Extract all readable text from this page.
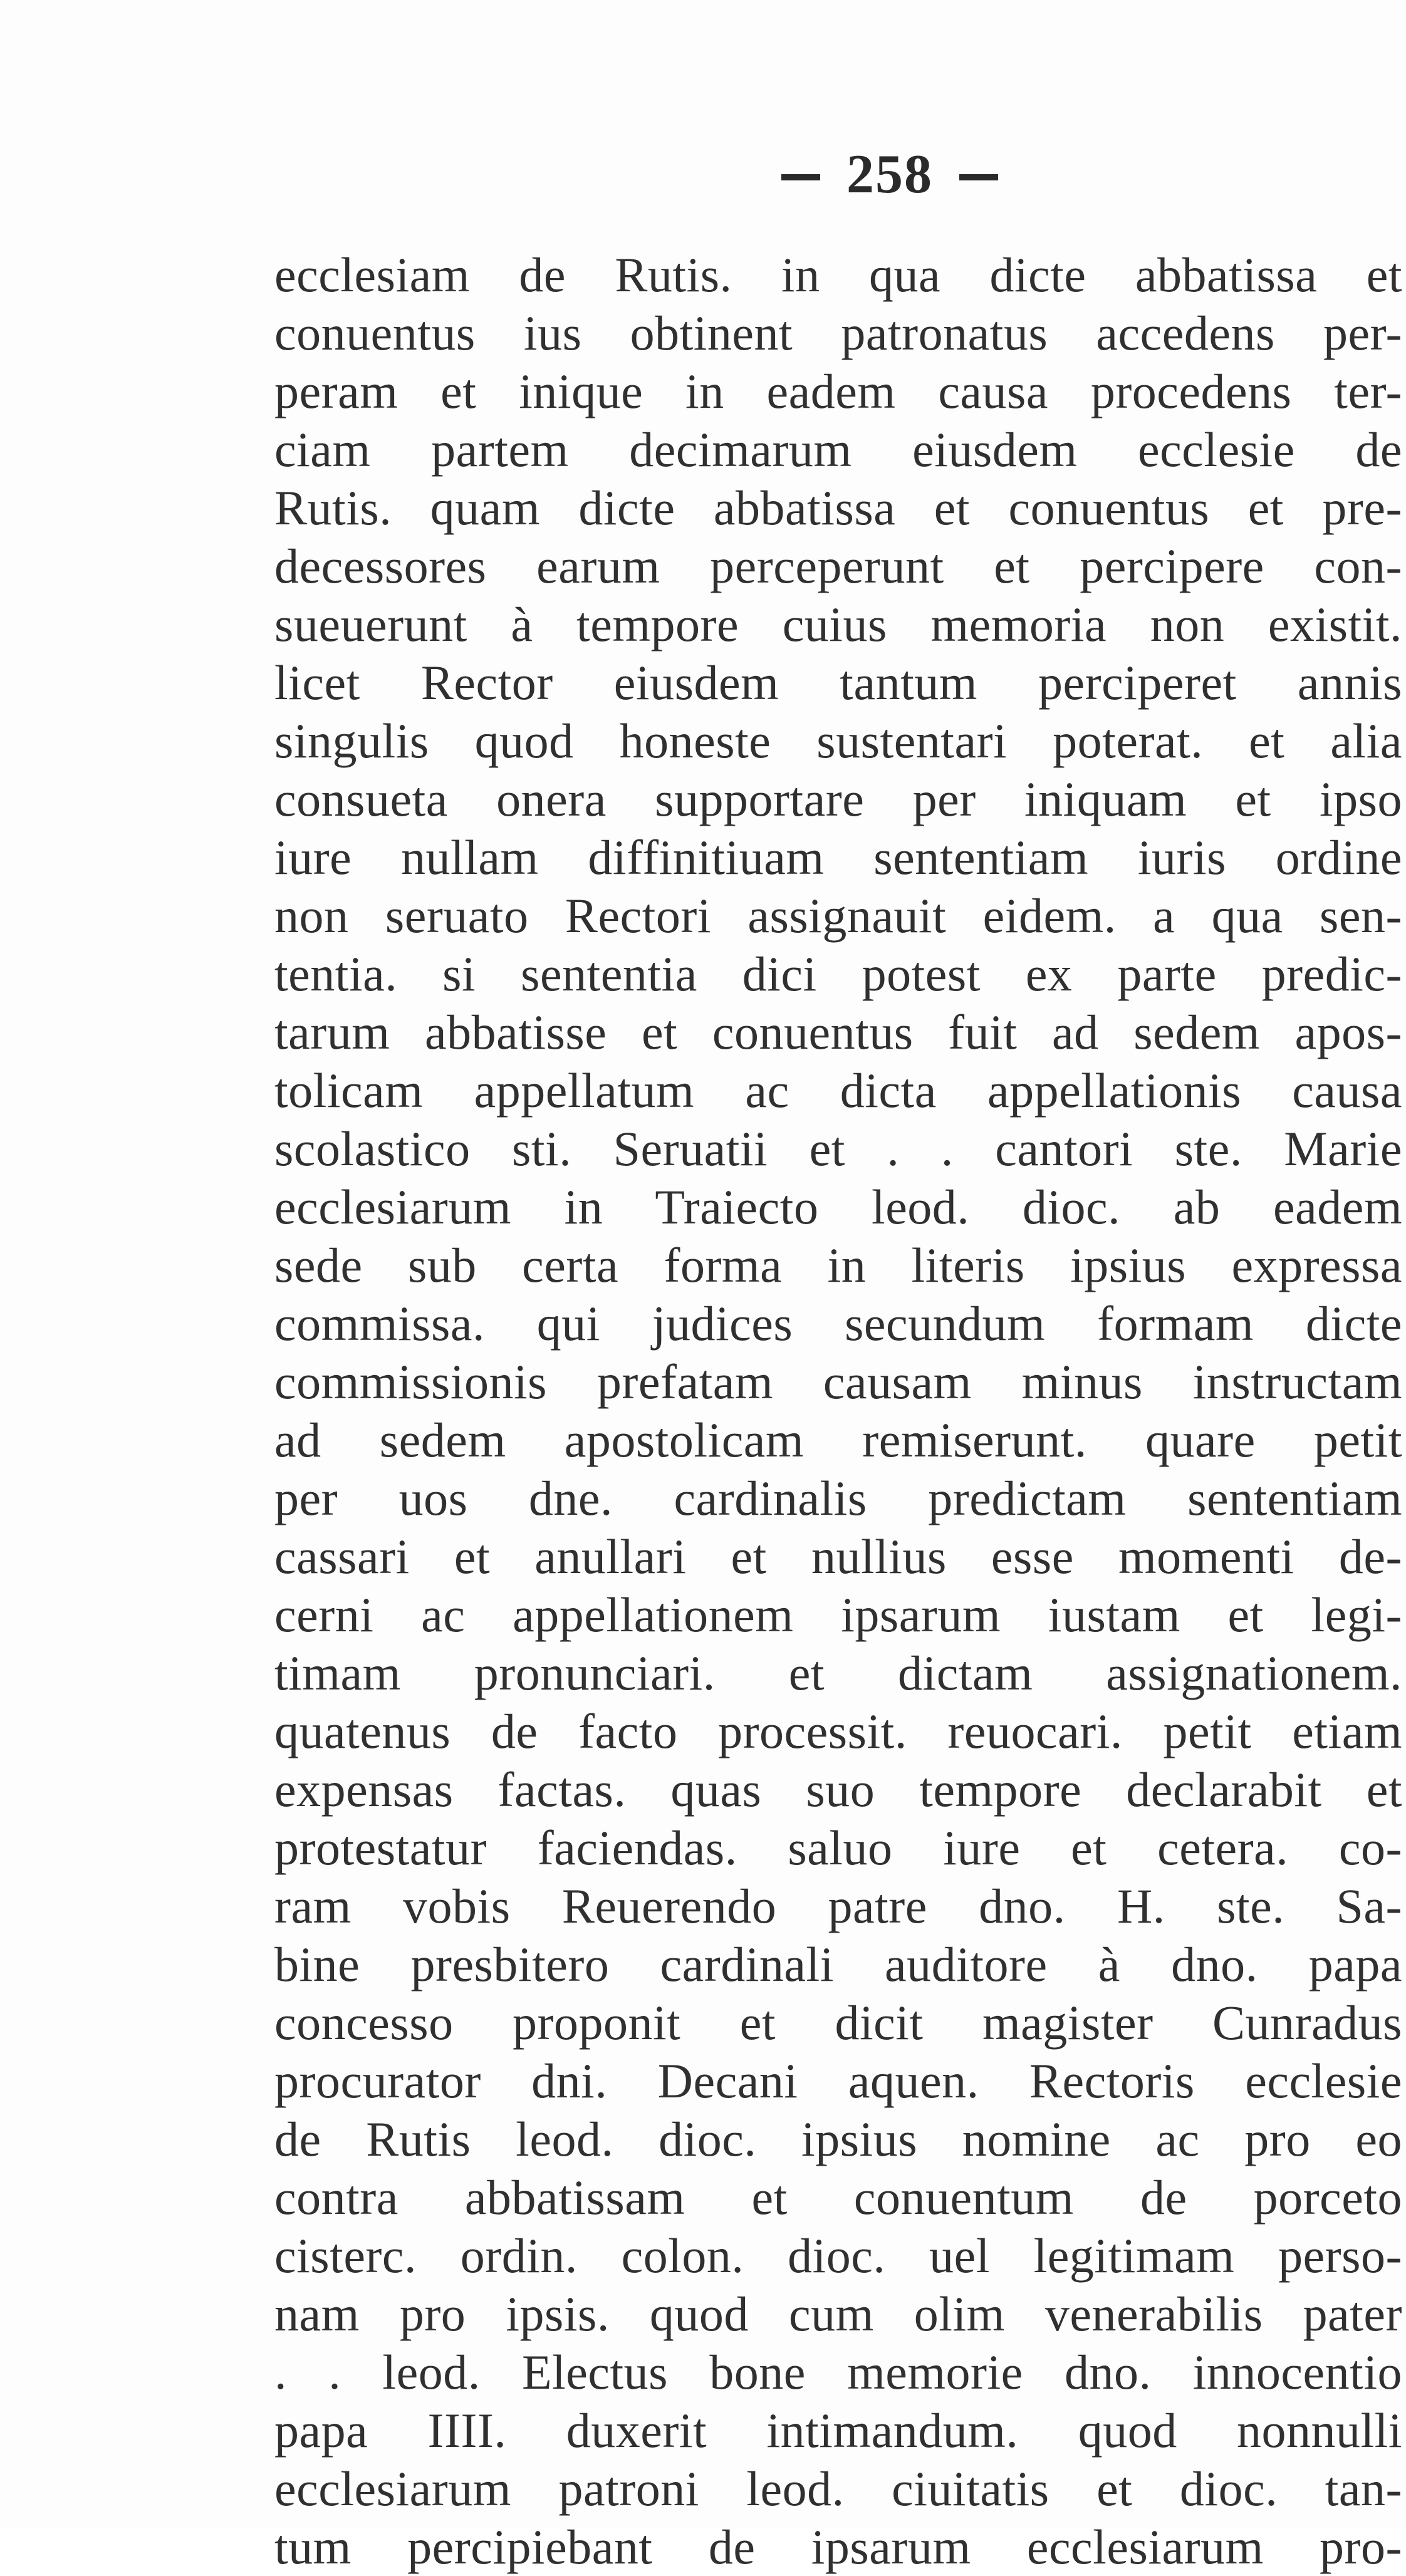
258
ecclesiam de Rutis. in qua dicte abbatissa et
conuentus ius obtinent patronatus accedens per-
peram et inique in eadem causa procedens ter-
ciam partem decimarum eiusdem ecclesie de
Rutis. quam dicte abbatissa et conuentus et pre-
decessores earum perceperunt et percipere con-
sueuerunt à tempore cuius memoria non existit.
licet Rector eiusdem tantum perciperet annis
singulis quod honeste sustentari poterat. et alia
consueta onera supportare per iniquam et ipso
iure nullam diffinitiuam sententiam iuris ordine
non seruato Rectori assignauit eidem. a qua sen-
tentia. si sententia dici potest ex parte predic-
tarum abbatisse et conuentus fuit ad sedem apos-
tolicam appellatum ac dicta appellationis causa
scolastico sti. Seruatii et . . cantori ste. Marie
ecclesiarum in Traiecto leod. dioc. ab eadem
sede sub certa forma in literis ipsius expressa
commissa. qui judices secundum formam dicte
commissionis prefatam causam minus instructam
ad sedem apostolicam remiserunt. quare petit
per uos dne. cardinalis predictam sententiam
cassari et anullari et nullius esse momenti de-
cerni ac appellationem ipsarum iustam et legi-
timam pronunciari. et dictam assignationem.
quatenus de facto processit. reuocari. petit etiam
expensas factas. quas suo tempore declarabit et
protestatur faciendas. saluo iure et cetera. co-
ram vobis Reuerendo patre dno. H. ste. Sa-
bine presbitero cardinali auditore à dno. papa
concesso proponit et dicit magister Cunradus
procurator dni. Decani aquen. Rectoris ecclesie
de Rutis leod. dioc. ipsius nomine ac pro eo
contra abbatissam et conuentum de porceto
cisterc. ordin. colon. dioc. uel legitimam perso-
nam pro ipsis. quod cum olim venerabilis pater
. . leod. Electus bone memorie dno. innocentio
papa IIII. duxerit intimandum. quod nonnulli
ecclesiarum patroni leod. ciuitatis et dioc. tan-
tum percipiebant de ipsarum ecclesiarum pro-
